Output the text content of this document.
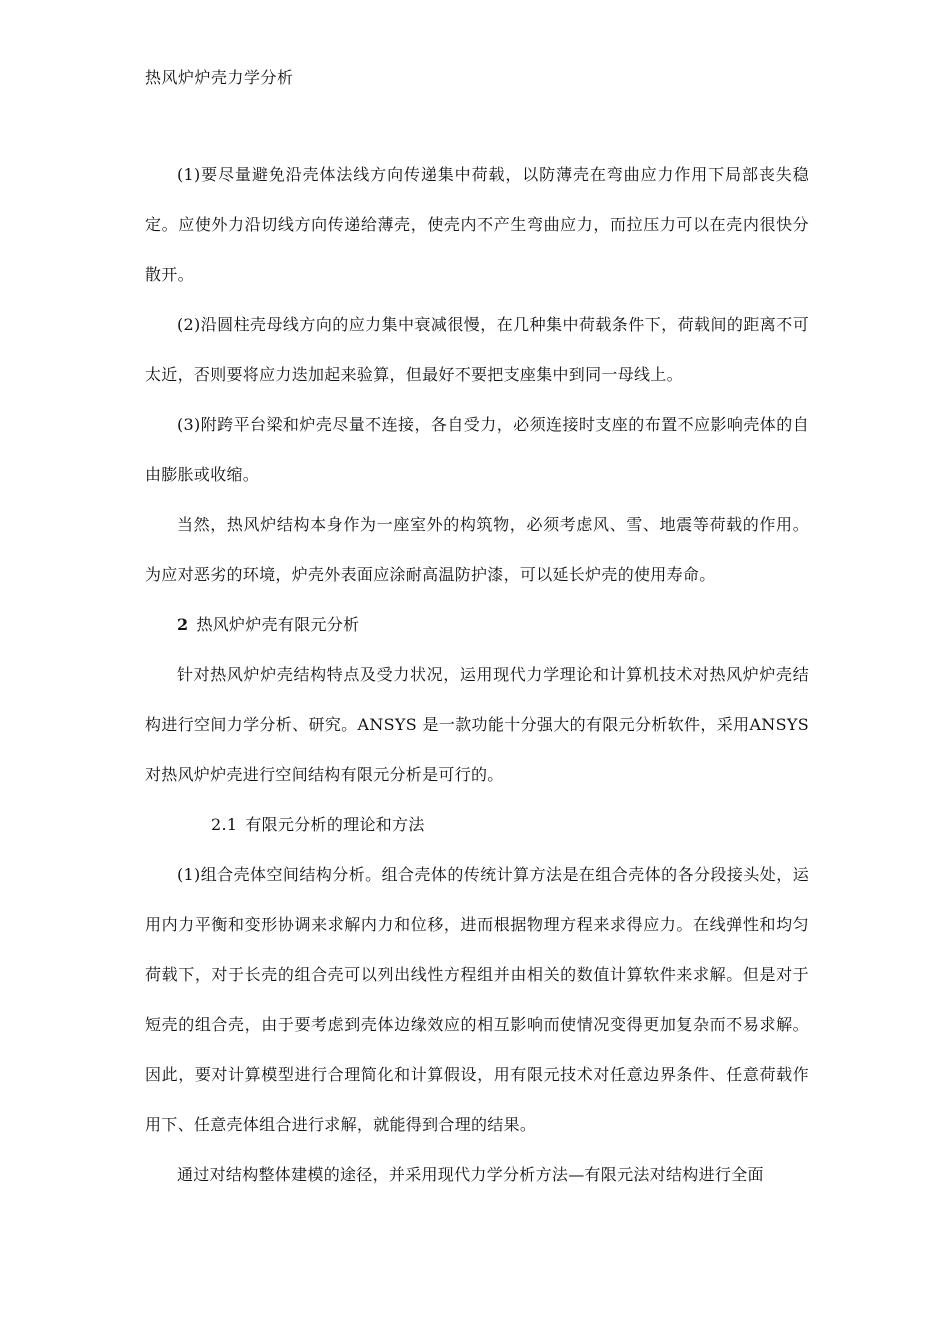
热风炉炉壳力学分析

(1)要尽量避免沿壳体法线方向传递集中荷载，以防薄壳在弯曲应力作用下局部丧失稳定。应使外力沿切线方向传递给薄壳，使壳内不产生弯曲应力，而拉压力可以在壳内很快分散开。

(2)沿圆柱壳母线方向的应力集中衰减很慢，在几种集中荷载条件下，荷载间的距离不可太近，否则要将应力迭加起来验算，但最好不要把支座集中到同一母线上。

(3)附跨平台梁和炉壳尽量不连接，各自受力，必须连接时支座的布置不应影响壳体的自由膨胀或收缩。

当然，热风炉结构本身作为一座室外的构筑物，必须考虑风、雪、地震等荷载的作用。为应对恶劣的环境，炉壳外表面应涂耐高温防护漆，可以延长炉壳的使用寿命。

2 热风炉炉壳有限元分析

针对热风炉炉壳结构特点及受力状况，运用现代力学理论和计算机技术对热风炉炉壳结构进行空间力学分析、研究。ANSYS 是一款功能十分强大的有限元分析软件，采用ANSYS对热风炉炉壳进行空间结构有限元分析是可行的。

2.1 有限元分析的理论和方法

(1)组合壳体空间结构分析。组合壳体的传统计算方法是在组合壳体的各分段接头处，运用内力平衡和变形协调来求解内力和位移，进而根据物理方程来求得应力。在线弹性和均匀荷载下，对于长壳的组合壳可以列出线性方程组并由相关的数值计算软件来求解。但是对于短壳的组合壳，由于要考虑到壳体边缘效应的相互影响而使情况变得更加复杂而不易求解。因此，要对计算模型进行合理简化和计算假设，用有限元技术对任意边界条件、任意荷载作用下、任意壳体组合进行求解，就能得到合理的结果。

通过对结构整体建模的途径，并采用现代力学分析方法—有限元法对结构进行全面
